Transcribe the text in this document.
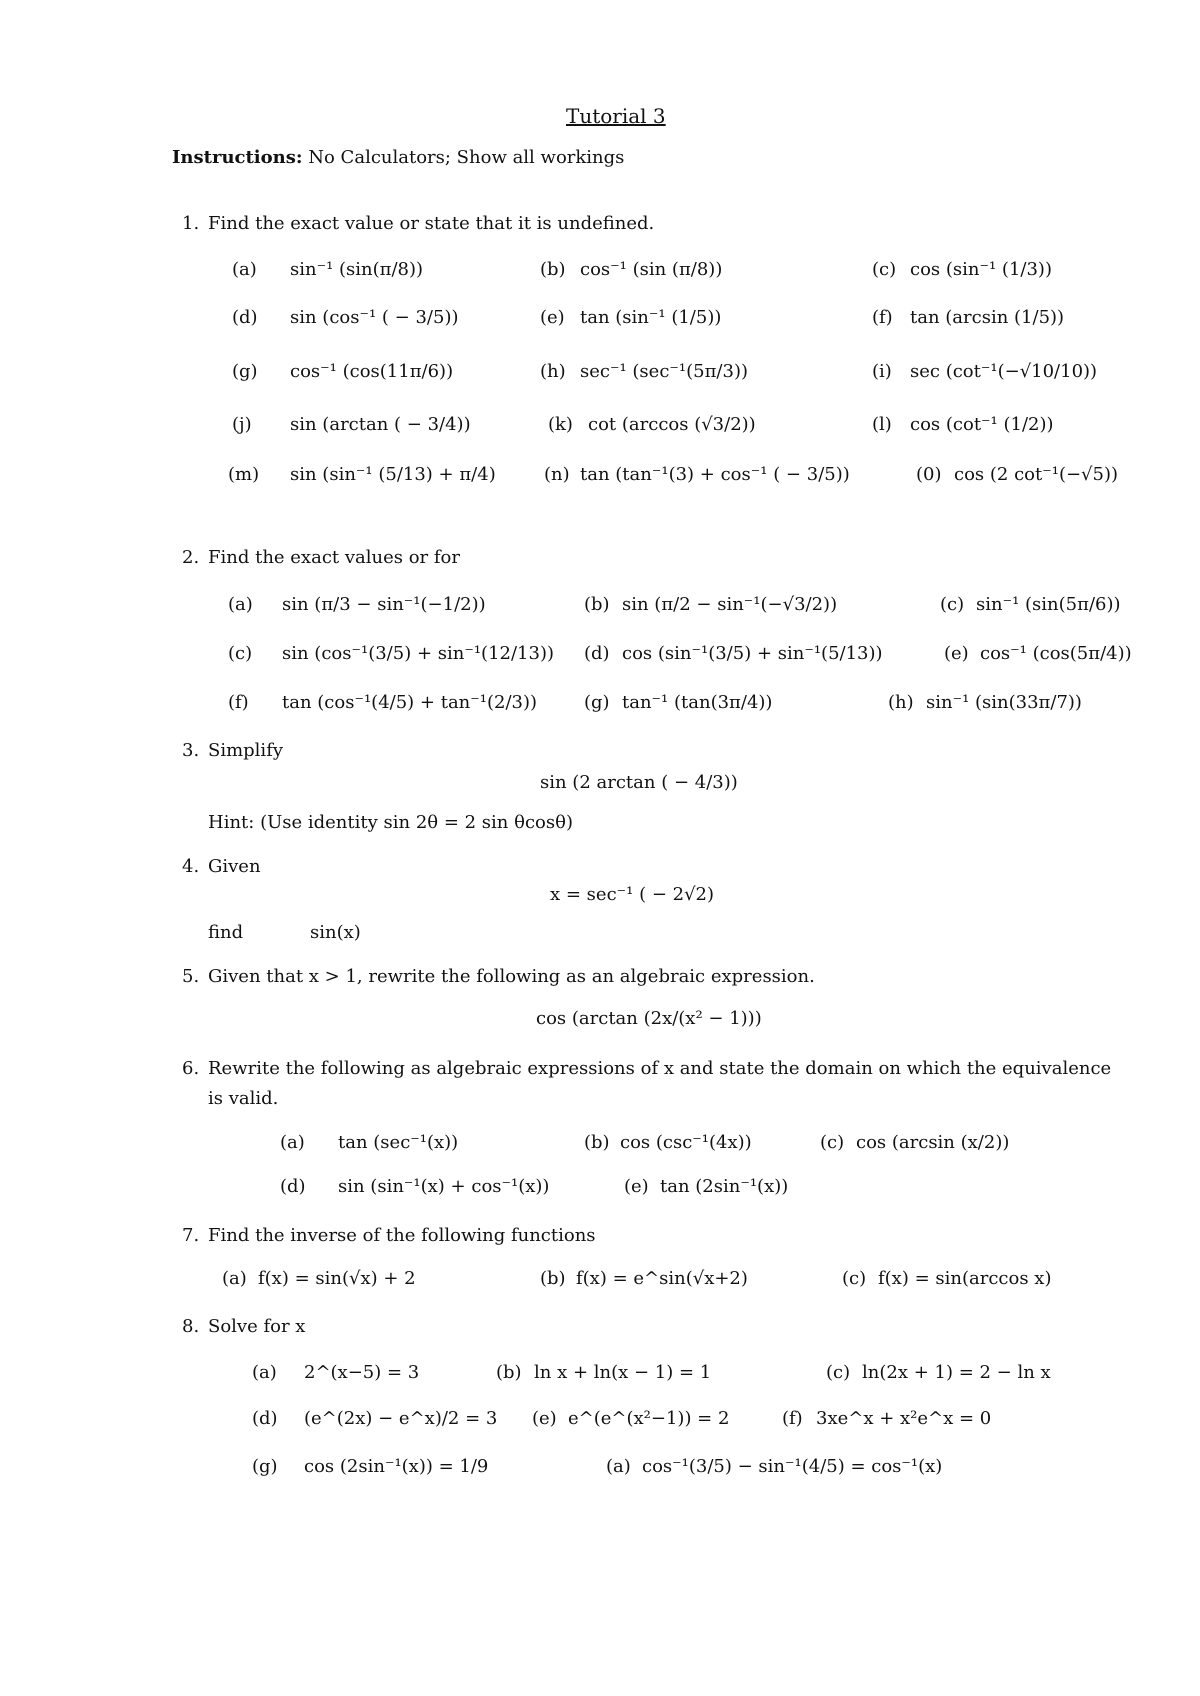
Tutorial 3
Instructions: No Calculators; Show all workings
1. Find the exact value or state that it is undefined.
(a) sin⁻¹ (sin(π/8))	(b) cos⁻¹ (sin (π/8))	(c) cos (sin⁻¹ (1/3))
(d) sin (cos⁻¹ ( − 3/5))	(e) tan (sin⁻¹ (1/5))	(f) tan (arcsin (1/5))
(g) cos⁻¹ (cos(11π/6))	(h) sec⁻¹ (sec⁻¹(5π/3))	(i) sec (cot⁻¹(−√10/10))
(j) sin (arctan ( − 3/4))	(k) cot (arccos (√3/2))	(l) cos (cot⁻¹ (1/2))
(m) sin (sin⁻¹ (5/13) + π/4)	(n) tan (tan⁻¹(3) + cos⁻¹ ( − 3/5))	(0) cos (2 cot⁻¹(−√5))
2. Find the exact values or for
(a) sin (π/3 − sin⁻¹(−1/2))	(b) sin (π/2 − sin⁻¹(−√3/2))	(c) sin⁻¹ (sin(5π/6))
(c) sin (cos⁻¹(3/5) + sin⁻¹(12/13)) (d) cos (sin⁻¹(3/5) + sin⁻¹(5/13))	(e) cos⁻¹ (cos(5π/4))
(f) tan (cos⁻¹(4/5) + tan⁻¹(2/3))	(g) tan⁻¹ (tan(3π/4))	(h) sin⁻¹ (sin(33π/7))
3. Simplify
sin (2 arctan ( − 4/3))
Hint: (Use identity sin 2θ = 2 sin θcosθ)
4. Given
x = sec⁻¹ ( − 2√2)
find	sin(x)
5. Given that x > 1, rewrite the following as an algebraic expression.
cos (arctan (2x/(x² − 1)))
6. Rewrite the following as algebraic expressions of x and state the domain on which the equivalence
is valid.
(a) tan (sec⁻¹(x))	(b) cos (csc⁻¹(4x))	(c) cos (arcsin (x/2))
(d) sin (sin⁻¹(x) + cos⁻¹(x))	(e) tan (2sin⁻¹(x))
7. Find the inverse of the following functions
(a) f(x) = sin(√x) + 2	(b) f(x) = e^sin(√x+2)	(c) f(x) = sin(arccos x)
8. Solve for x
(a) 2^(x−5) = 3	(b) ln x + ln(x − 1) = 1	(c) ln(2x + 1) = 2 − ln x
(d) (e^(2x) − e^x)/2 = 3 (e) e^(e^(x²−1)) = 2	(f) 3xe^x + x²e^x = 0
(g) cos (2sin⁻¹(x)) = 1/9	(a) cos⁻¹(3/5) − sin⁻¹(4/5) = cos⁻¹(x)
